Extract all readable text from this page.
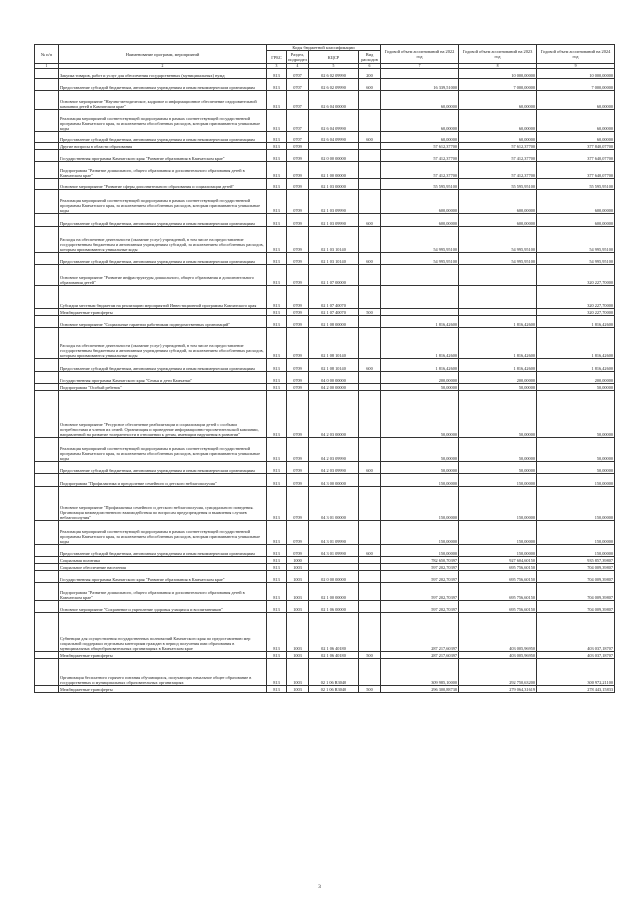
№ п/п	Наименование программ, мероприятий	Коды бюджетной классификации				Годовой объем ассигнований на 2022 год	Годовой объем ассигнований на 2023 год	Годовой объем ассигнований на 2024 год
		ГРБС	Раздел, подраздел	КЦСР	Вид расходов			
1	2	3	4	5	6	7	8	9
	Закупка товаров, работ и услуг для обеспечения государственных (муниципальных) нужд	813	0707	02 6 02 09990	200		10 000,00000	10 000,00000
	Предоставление субсидий бюджетным, автономным учреждениям и иным некоммерческим организациям	813	0707	02 6 02 09990	600	16 339,51000	7 000,00000	7 000,00000
	Основное мероприятие "Научно-методическое, кадровое и информационное обеспечение оздоровительной кампании детей в Камчатском крае"	813	0707	02 6 04 00000		60,00000	60,00000	60,00000
	Реализация мероприятий соответствующей подпрограммы в рамках соответствующей государственной программы Камчатского края, за исключением обособленных расходов, которым присваиваются уникальные коды	813	0707	02 6 04 09990		60,00000	60,00000	60,00000
	Предоставление субсидий бюджетным, автономным учреждениям и иным некоммерческим организациям	813	0707	02 6 04 09990	600	60,00000	60,00000	60,00000
	Другие вопросы в области образования	813	0709			57 612,37700	57 612,37700	377 840,07700
	Государственная программа Камчатского края "Развитие образования в Камчатском крае"	813	0709	02 0 00 00000		57 412,37700	57 412,37700	377 640,07700
	Подпрограмма "Развитие дошкольного, общего образования и дополнительного образования детей в Камчатском крае"	813	0709	02 1 00 00000		57 412,37700	57 412,37700	377 640,07700
	Основное мероприятие "Развитие сферы дополнительного образования и социализации детей"	813	0709	02 1 03 00000		55 595,95100	55 595,95100	55 595,95100
	Реализация мероприятий соответствующей подпрограммы в рамках соответствующей государственной программы Камчатского края, за исключением обособленных расходов, которым присваиваются уникальные коды	813	0709	02 1 03 09990		600,00000	600,00000	600,00000
	Предоставление субсидий бюджетным, автономным учреждениям и иным некоммерческим организациям	813	0709	02 1 03 09990	600	600,00000	600,00000	600,00000
	Расходы на обеспечение деятельности (оказание услуг) учреждений, в том числе на предоставление государственным бюджетным и автономным учреждениям субсидий, за исключением обособленных расходов, которым присваиваются уникальные коды	813	0709	02 1 03 10140		54 995,95100	54 995,95100	54 995,95100
	Предоставление субсидий бюджетным, автономным учреждениям и иным некоммерческим организациям	813	0709	02 1 03 10140	600	54 995,95100	54 995,95100	54 995,95100
	Основное мероприятие "Развитие инфраструктуры дошкольного, общего образования и дополнительного образования детей"	813	0709	02 1 07 00000				320 227,70000
	Субсидии местным бюджетам на реализацию мероприятий Инвестиционной программы Камчатского края	813	0709	02 1 07 40070				320 227,70000
	Межбюджетные трансферты	813	0709	02 1 07 40070	500			320 227,70000
	Основное мероприятие "Социальные гарантии работникам подведомственных организаций"	813	0709	02 1 08 00000		1 816,42600	1 816,42600	1 816,42600
	Расходы на обеспечение деятельности (оказание услуг) учреждений, в том числе на предоставление государственным бюджетным и автономным учреждениям субсидий, за исключением обособленных расходов, которым присваиваются уникальные коды	813	0709	02 1 08 10140		1 816,42600	1 816,42600	1 816,42600
	Предоставление субсидий бюджетным, автономным учреждениям и иным некоммерческим организациям	813	0709	02 1 08 10140	600	1 816,42600	1 816,42600	1 816,42600
	Государственная программа Камчатского края "Семья и дети Камчатки"	813	0709	04 0 00 00000		200,00000	200,00000	200,00000
	Подпрограмма "Особый ребенок"	813	0709	04 2 00 00000		50,00000	50,00000	50,00000
	Основное мероприятие "Ресурсное обеспечение реабилитации и социализации детей с особыми потребностями и членов их семей. Организация и проведение информационно-просветительской кампании, направленной на развитие толерантности в отношении к детям, имеющим нарушения в развитии"	813	0709	04 2 03 00000		50,00000	50,00000	50,00000
	Реализация мероприятий соответствующей подпрограммы в рамках соответствующей государственной программы Камчатского края, за исключением обособленных расходов, которым присваиваются уникальные коды	813	0709	04 2 03 09990		50,00000	50,00000	50,00000
	Предоставление субсидий бюджетным, автономным учреждениям и иным некоммерческим организациям	813	0709	04 2 03 09990	600	50,00000	50,00000	50,00000
	Подпрограмма "Профилактика и преодоление семейного и детского неблагополучия"	813	0709	04 3 00 00000		150,00000	150,00000	150,00000
	Основное мероприятие "Профилактика семейного и детского неблагополучия, суицидального поведения. Организация межведомственного взаимодействия по вопросам предупреждения и выявления случаев неблагополучия"	813	0709	04 3 01 00000		150,00000	150,00000	150,00000
	Реализация мероприятий соответствующей подпрограммы в рамках соответствующей государственной программы Камчатского края, за исключением обособленных расходов, которым присваиваются уникальные коды	813	0709	04 3 01 09990		150,00000	150,00000	150,00000
	Предоставление субсидий бюджетным, автономным учреждениям и иным некоммерческим организациям	813	0709	04 3 01 09990	600	150,00000	150,00000	150,00000
	Социальная политика	813	1000			782 650,70397	927 604,60150	935 857,39807
	Социальное обеспечение населения	813	1003			597 202,70397	695 756,60150	704 009,39807
	Государственная программа Камчатского края "Развитие образования в Камчатском крае"	813	1003	02 0 00 00000		597 202,70397	695 756,60150	704 009,39807
	Подпрограмма "Развитие дошкольного, общего образования и дополнительного образования детей в Камчатском крае"	813	1003	02 1 00 00000		597 202,70397	695 756,60150	704 009,39807
	Основное мероприятие "Сохранение и укрепление здоровья учащихся и воспитанников"	813	1003	02 1 06 00000		597 202,70397	695 756,60150	704 009,39807
	Субвенции для осуществления государственных полномочий Камчатского края по предоставлению мер социальной поддержки отдельным категориям граждан в период получения ими образования в муниципальных общеобразовательных организациях в Камчатском крае	813	1003	02 1 06 40180		287 217,60397	403 005,96950	403 037,18707
	Межбюджетные трансферты	813	1003	02 1 06 40180	500	287 217,60397	403 005,96950	403 037,18707
	Организация бесплатного горячего питания обучающихся, получающих начальное общее образование в государственных и муниципальных образовательных организациях	813	1003	02 1 06 R3040		309 985,10000	292 750,63200	300 972,21100
	Межбюджетные трансферты	813	1003	02 1 06 R3040	500	296 300,88738	279 064,31619	278 443,15833
3
